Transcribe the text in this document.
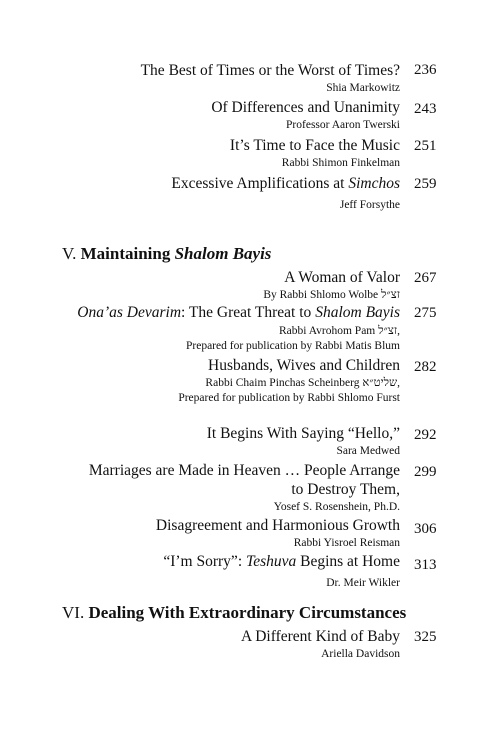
The Best of Times or the Worst of Times?
Shia Markowitz
236
Of Differences and Unanimity
Professor Aaron Twerski
243
It’s Time to Face the Music
Rabbi Shimon Finkelman
251
Excessive Amplifications at Simchos
Jeff Forsythe
259
V. Maintaining Shalom Bayis
A Woman of Valor
By Rabbi Shlomo Wolbe זצ״ל
267
Ona’as Devarim: The Great Threat to Shalom Bayis
Rabbi Avrohom Pam זצ״ל,
Prepared for publication by Rabbi Matis Blum
275
Husbands, Wives and Children
Rabbi Chaim Pinchas Scheinberg שליט״א,
Prepared for publication by Rabbi Shlomo Furst
282
It Begins With Saying “Hello,”
Sara Medwed
292
Marriages are Made in Heaven … People Arrange
to Destroy Them,
Yosef S. Rosenshein, Ph.D.
299
Disagreement and Harmonious Growth
Rabbi Yisroel Reisman
306
“I’m Sorry”: Teshuva Begins at Home
Dr. Meir Wikler
313
VI. Dealing With Extraordinary Circumstances
A Different Kind of Baby
Ariella Davidson
325
